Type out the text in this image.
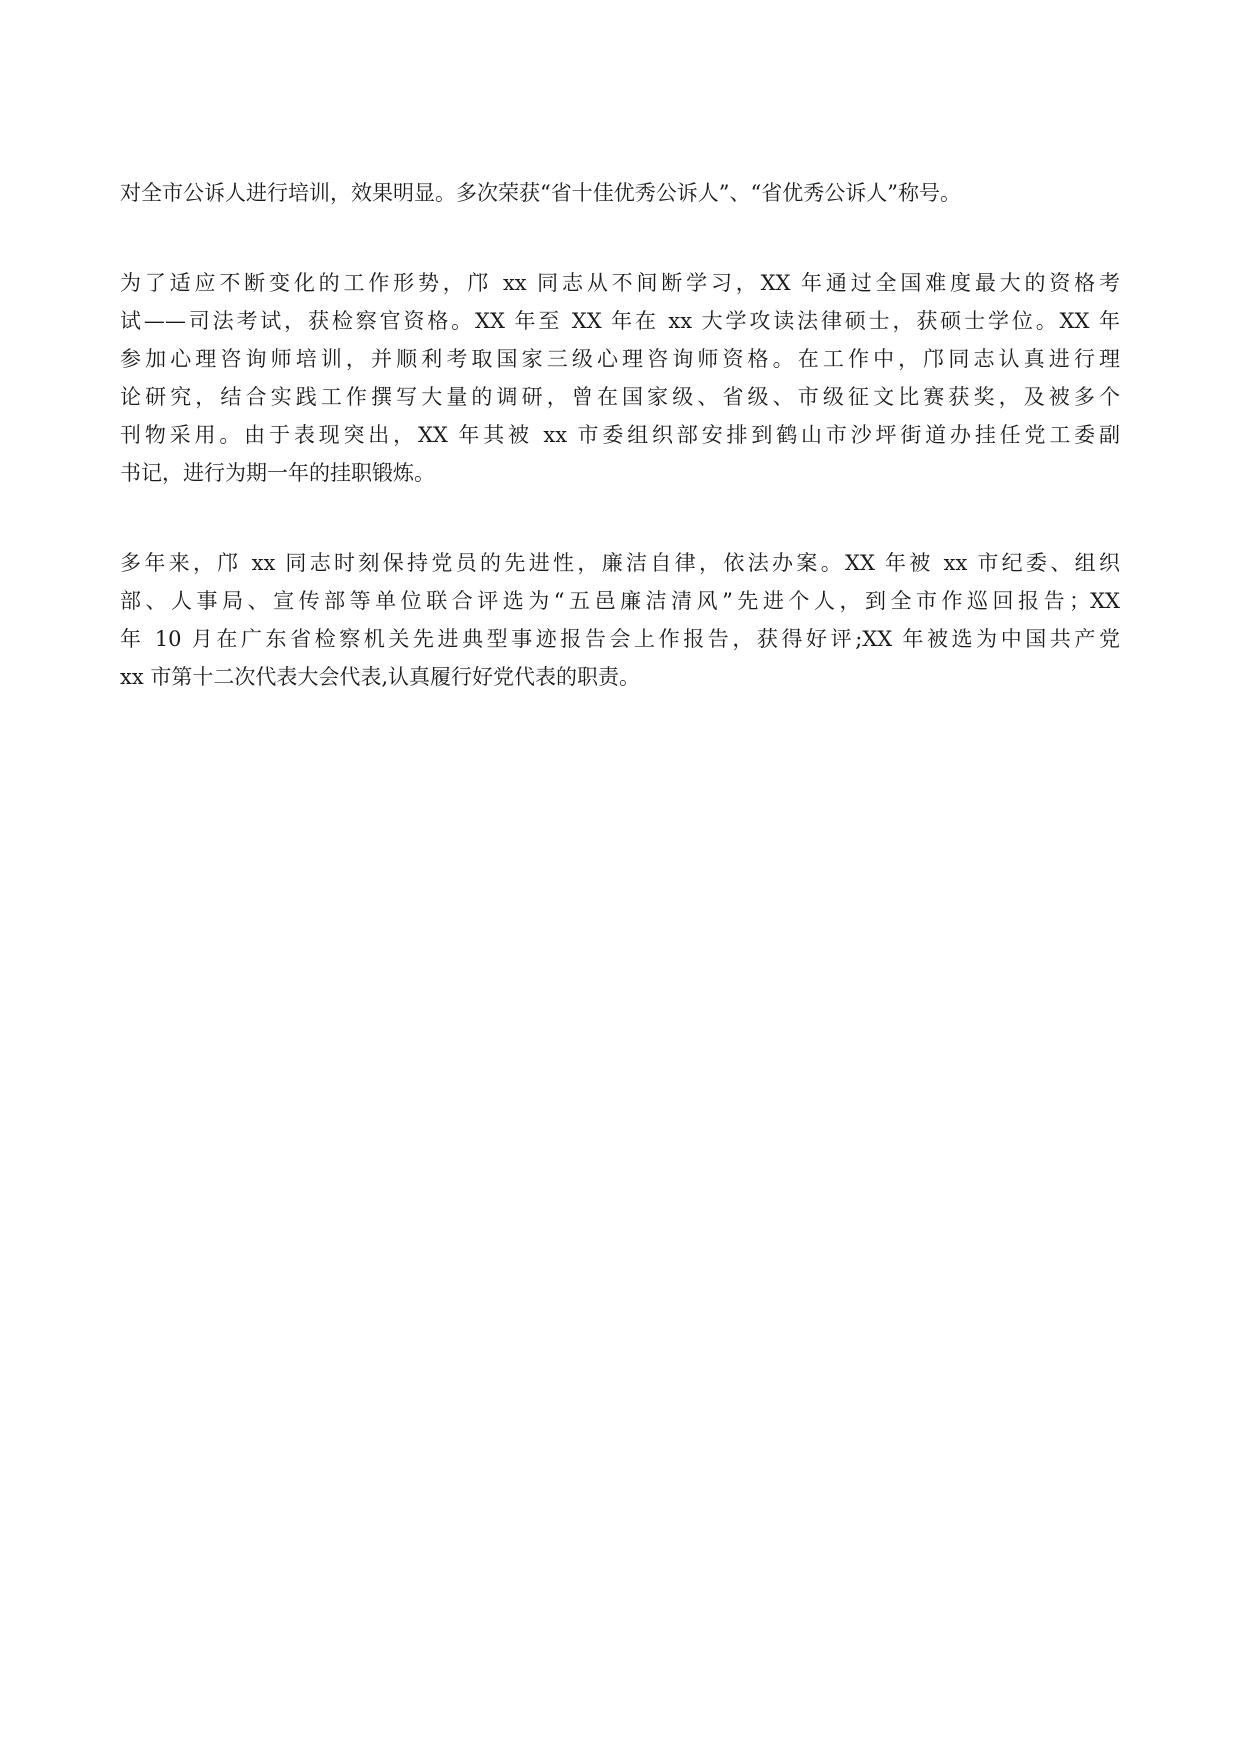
对全市公诉人进行培训，效果明显。多次荣获“省十佳优秀公诉人”、“省优秀公诉人”称号。

为了适应不断变化的工作形势，邝 xx 同志从不间断学习，XX 年通过全国难度最大的资格考
试——司法考试，获检察官资格。XX 年至 XX 年在 xx 大学攻读法律硕士，获硕士学位。XX 年
参加心理咨询师培训，并顺利考取国家三级心理咨询师资格。在工作中，邝同志认真进行理
论研究，结合实践工作撰写大量的调研，曾在国家级、省级、市级征文比赛获奖，及被多个
刊物采用。由于表现突出，XX 年其被 xx 市委组织部安排到鹤山市沙坪街道办挂任党工委副
书记，进行为期一年的挂职锻炼。

多年来，邝 xx 同志时刻保持党员的先进性，廉洁自律，依法办案。XX 年被 xx 市纪委、组织
部、人事局、宣传部等单位联合评选为“五邑廉洁清风”先进个人，到全市作巡回报告；XX
年 10 月在广东省检察机关先进典型事迹报告会上作报告，获得好评;XX 年被选为中国共产党
xx 市第十二次代表大会代表,认真履行好党代表的职责。
